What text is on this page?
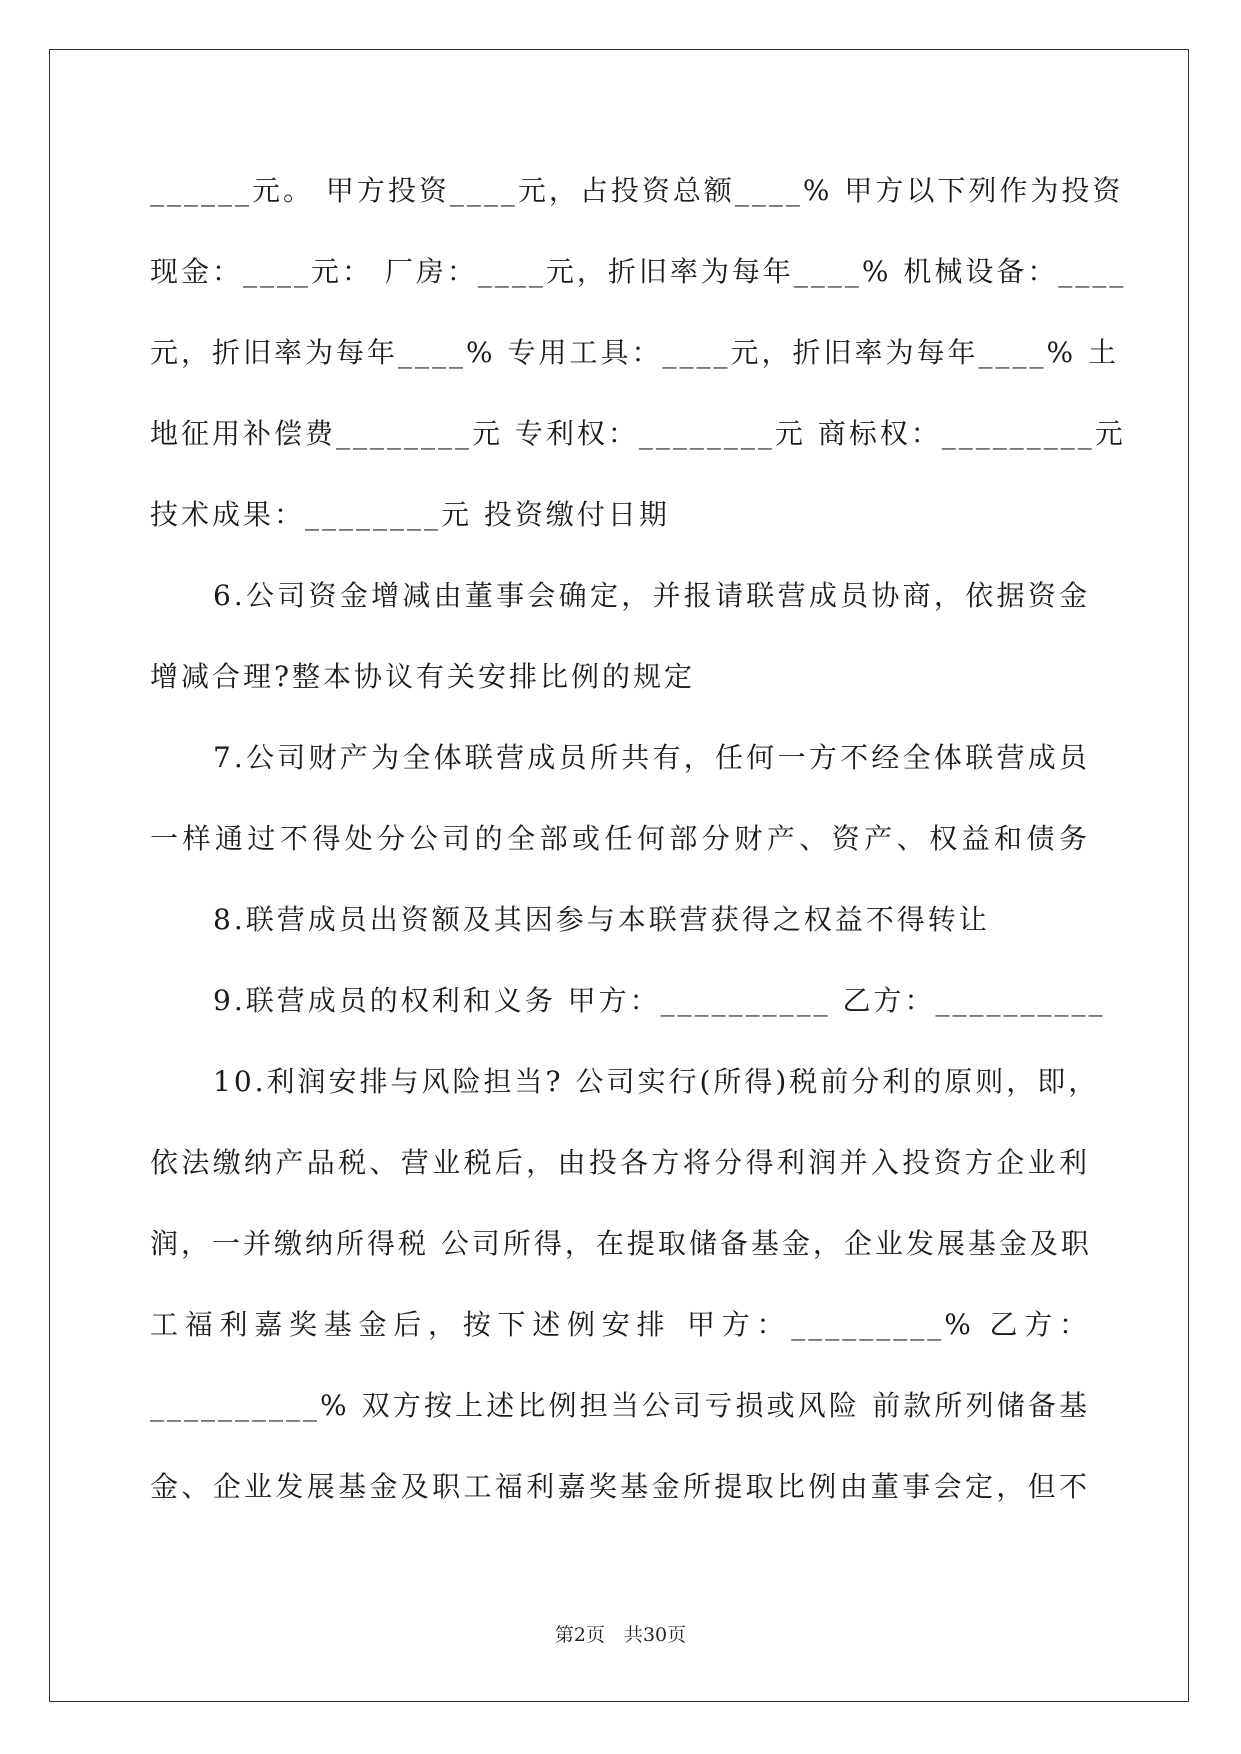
______元。 甲方投资____元，占投资总额____% 甲方以下列作为投资
现金：____元： 厂房：____元，折旧率为每年____% 机械设备：____
元，折旧率为每年____% 专用工具：____元，折旧率为每年____% 土
地征用补偿费________元 专利权：________元 商标权：_________元
技术成果：________元 投资缴付日期
6.公司资金增减由董事会确定，并报请联营成员协商，依据资金
增减合理?整本协议有关安排比例的规定
7.公司财产为全体联营成员所共有，任何一方不经全体联营成员
一样通过不得处分公司的全部或任何部分财产、资产、权益和债务
8.联营成员出资额及其因参与本联营获得之权益不得转让
9.联营成员的权利和义务 甲方：__________ 乙方：__________
10.利润安排与风险担当? 公司实行(所得)税前分利的原则，即，
依法缴纳产品税、营业税后，由投各方将分得利润并入投资方企业利
润，一并缴纳所得税 公司所得，在提取储备基金，企业发展基金及职
工福利嘉奖基金后，按下述例安排 甲方：_________% 乙方：
__________% 双方按上述比例担当公司亏损或风险 前款所列储备基
金、企业发展基金及职工福利嘉奖基金所提取比例由董事会定，但不
第2页　共30页
